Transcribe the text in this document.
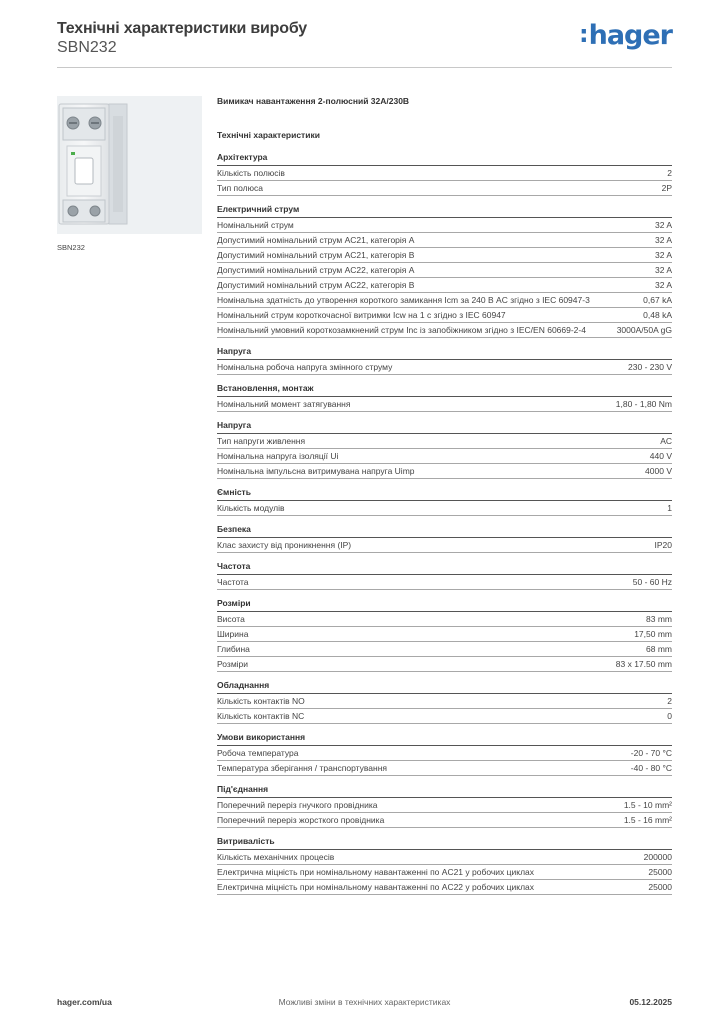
Технічні характеристики виробу
SBN232	:hager
SBN232
Вимикач навантаження 2-полюсний 32А/230В
Технічні характеристики
Архітектура
Кількість полюсів	2
Тип полюса	2P
Електричний струм
Номінальний струм	32 A
Допустимий номінальний струм AC21, категорія A	32 A
Допустимий номінальний струм AC21, категорія B	32 A
Допустимий номінальний струм AC22, категорія A	32 A
Допустимий номінальний струм AC22, категорія B	32 A
Номінальна здатність до утворення короткого замикання Icm за 240 В AC згідно з IEC 60947-3	0,67 kA
Номінальний струм короткочасної витримки Icw на 1 с згідно з IEC 60947	0,48 kA
Номінальний умовний короткозамкнений струм Inc із запобіжником згідно з IEC/EN 60669-2-4	3000A/50A gG
Напруга
Номінальна робоча напруга змінного струму	230 - 230 V
Встановлення, монтаж
Номінальний момент затягування	1,80 - 1,80 Nm
Напруга
Тип напруги живлення	AC
Номінальна напруга ізоляції Ui	440 V
Номінальна імпульсна витримувана напруга Uimp	4000 V
Ємність
Кількість модулів	1
Безпека
Клас захисту від проникнення (IP)	IP20
Частота
Частота	50 - 60 Hz
Розміри
Висота	83 mm
Ширина	17,50 mm
Глибина	68 mm
Розміри	83 x 17.50 mm
Обладнання
Кількість контактів NO	2
Кількість контактів NC	0
Умови використання
Робоча температура	-20 - 70 °C
Температура зберігання / транспортування	-40 - 80 °C
Під'єднання
Поперечний переріз гнучкого провідника	1.5 - 10 mm²
Поперечний переріз жорсткого провідника	1.5 - 16 mm²
Витривалість
Кількість механічних процесів	200000
Електрична міцність при номінальному навантаженні по AC21 у робочих циклах	25000
Електрична міцність при номінальному навантаженні по AC22 у робочих циклах	25000
hager.com/ua	Можливі зміни в технічних характеристиках	05.12.2025
